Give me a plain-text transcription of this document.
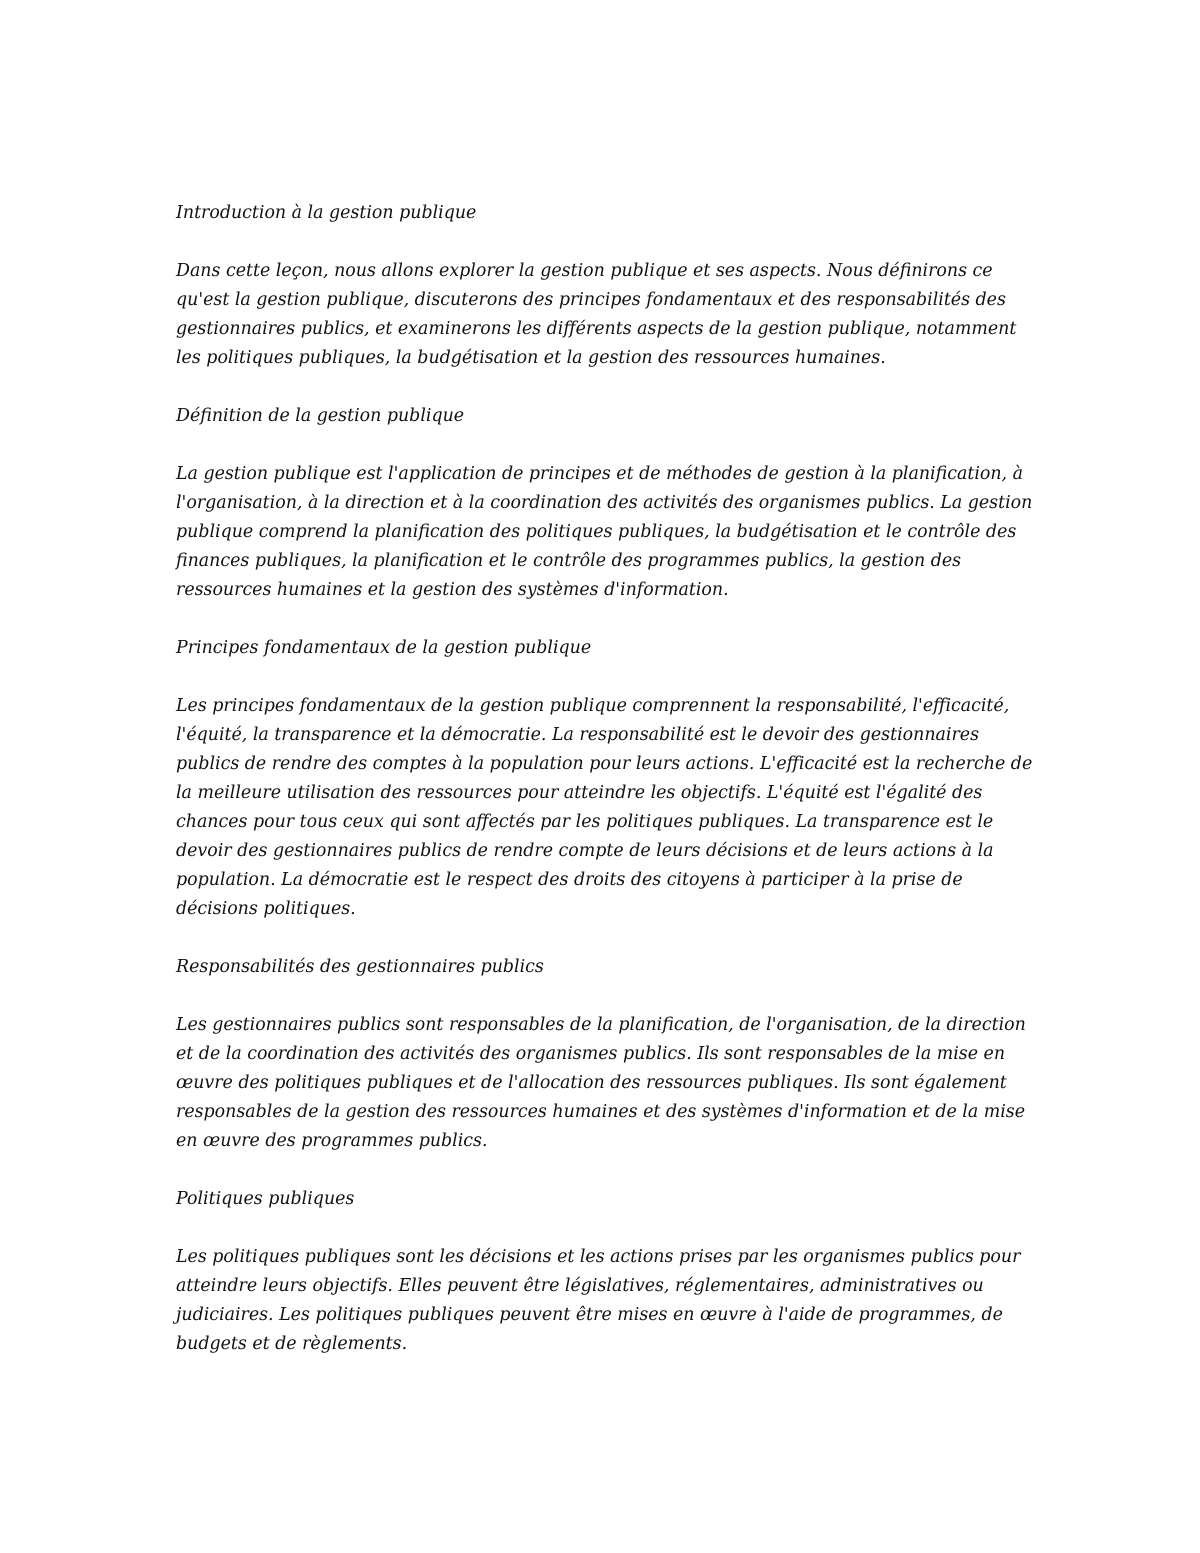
Introduction à la gestion publique

Dans cette leçon, nous allons explorer la gestion publique et ses aspects. Nous définirons ce qu'est la gestion publique, discuterons des principes fondamentaux et des responsabilités des gestionnaires publics, et examinerons les différents aspects de la gestion publique, notamment les politiques publiques, la budgétisation et la gestion des ressources humaines.

Définition de la gestion publique

La gestion publique est l'application de principes et de méthodes de gestion à la planification, à l'organisation, à la direction et à la coordination des activités des organismes publics. La gestion publique comprend la planification des politiques publiques, la budgétisation et le contrôle des finances publiques, la planification et le contrôle des programmes publics, la gestion des ressources humaines et la gestion des systèmes d'information.

Principes fondamentaux de la gestion publique

Les principes fondamentaux de la gestion publique comprennent la responsabilité, l'efficacité, l'équité, la transparence et la démocratie. La responsabilité est le devoir des gestionnaires publics de rendre des comptes à la population pour leurs actions. L'efficacité est la recherche de la meilleure utilisation des ressources pour atteindre les objectifs. L'équité est l'égalité des chances pour tous ceux qui sont affectés par les politiques publiques. La transparence est le devoir des gestionnaires publics de rendre compte de leurs décisions et de leurs actions à la population. La démocratie est le respect des droits des citoyens à participer à la prise de décisions politiques.

Responsabilités des gestionnaires publics

Les gestionnaires publics sont responsables de la planification, de l'organisation, de la direction et de la coordination des activités des organismes publics. Ils sont responsables de la mise en œuvre des politiques publiques et de l'allocation des ressources publiques. Ils sont également responsables de la gestion des ressources humaines et des systèmes d'information et de la mise en œuvre des programmes publics.

Politiques publiques

Les politiques publiques sont les décisions et les actions prises par les organismes publics pour atteindre leurs objectifs. Elles peuvent être législatives, réglementaires, administratives ou judiciaires. Les politiques publiques peuvent être mises en œuvre à l'aide de programmes, de budgets et de règlements.
